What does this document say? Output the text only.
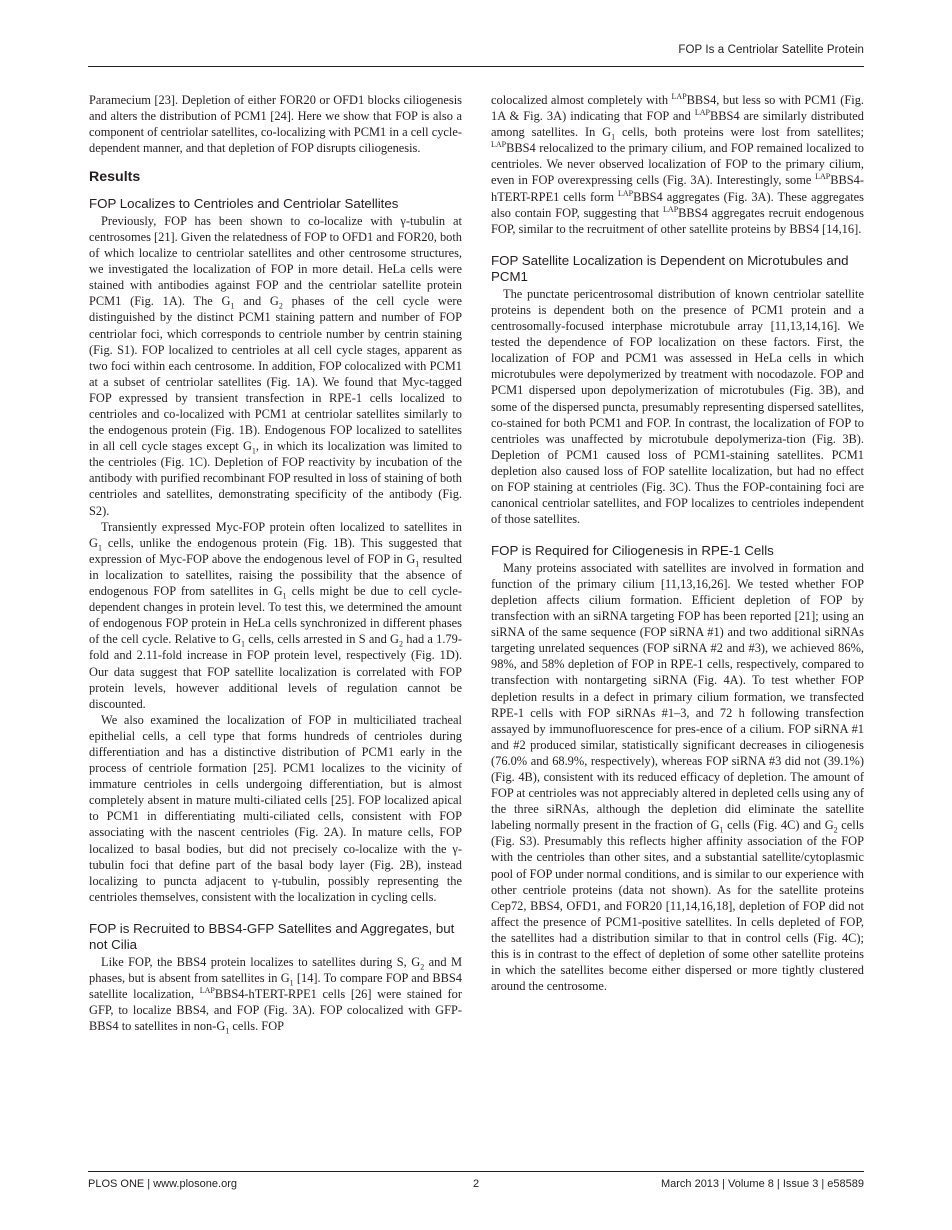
FOP Is a Centriolar Satellite Protein

Paramecium [23]. Depletion of either FOR20 or OFD1 blocks ciliogenesis and alters the distribution of PCM1 [24]. Here we show that FOP is also a component of centriolar satellites, co-localizing with PCM1 in a cell cycle-dependent manner, and that depletion of FOP disrupts ciliogenesis.

Results
FOP Localizes to Centrioles and Centriolar Satellites

Previously, FOP has been shown to co-localize with γ-tubulin at centrosomes [21]. Given the relatedness of FOP to OFD1 and FOR20, both of which localize to centriolar satellites and other centrosome structures, we investigated the localization of FOP in more detail. HeLa cells were stained with antibodies against FOP and the centriolar satellite protein PCM1 (Fig. 1A). The $G_1$ and $G_2$ phases of the cell cycle were distinguished by the distinct PCM1 staining pattern and number of FOP centriolar foci, which corresponds to centriole number by centrin staining (Fig. S1). FOP localized to centrioles at all cell cycle stages, apparent as two foci within each centrosome. In addition, FOP colocalized with PCM1 at a subset of centriolar satellites (Fig. 1A). We found that Myc-tagged FOP expressed by transient transfection in RPE-1 cells localized to centrioles and co-localized with PCM1 at centriolar satellites similarly to the endogenous protein (Fig. 1B). Endogenous FOP localized to satellites in all cell cycle stages except $G_1$, in which its localization was limited to the centrioles (Fig. 1C). Depletion of FOP reactivity by incubation of the antibody with purified recombinant FOP resulted in loss of staining of both centrioles and satellites, demonstrating specificity of the antibody (Fig. S2).

Transiently expressed Myc-FOP protein often localized to satellites in $G_1$ cells, unlike the endogenous protein (Fig. 1B). This suggested that expression of Myc-FOP above the endogenous level of FOP in $G_1$ resulted in localization to satellites, raising the possibility that the absence of endogenous FOP from satellites in $G_1$ cells might be due to cell cycle-dependent changes in protein level. To test this, we determined the amount of endogenous FOP protein in HeLa cells synchronized in different phases of the cell cycle. Relative to $G_1$ cells, cells arrested in S and $G_2$ had a 1.79-fold and 2.11-fold increase in FOP protein level, respectively (Fig. 1D). Our data suggest that FOP satellite localization is correlated with FOP protein levels, however additional levels of regulation cannot be discounted.

We also examined the localization of FOP in multiciliated tracheal epithelial cells, a cell type that forms hundreds of centrioles during differentiation and has a distinctive distribution of PCM1 early in the process of centriole formation [25]. PCM1 localizes to the vicinity of immature centrioles in cells undergoing differentiation, but is almost completely absent in mature multi-ciliated cells [25]. FOP localized apical to PCM1 in differentiating multi-ciliated cells, consistent with FOP associating with the nascent centrioles (Fig. 2A). In mature cells, FOP localized to basal bodies, but did not precisely co-localize with the γ-tubulin foci that define part of the basal body layer (Fig. 2B), instead localizing to puncta adjacent to γ-tubulin, possibly representing the centrioles themselves, consistent with the localization in cycling cells.

FOP is Recruited to BBS4-GFP Satellites and Aggregates, but not Cilia

Like FOP, the BBS4 protein localizes to satellites during S, $G_2$ and M phases, but is absent from satellites in $G_1$ [14]. To compare FOP and BBS4 satellite localization, $^{LAP}$BBS4-hTERT-RPE1 cells [26] were stained for GFP, to localize BBS4, and FOP (Fig. 3A). FOP colocalized with GFP-BBS4 to satellites in non-$G_1$ cells. FOP

colocalized almost completely with $^{LAP}$BBS4, but less so with PCM1 (Fig. 1A & Fig. 3A) indicating that FOP and $^{LAP}$BBS4 are similarly distributed among satellites. In $G_1$ cells, both proteins were lost from satellites; $^{LAP}$BBS4 relocalized to the primary cilium, and FOP remained localized to centrioles. We never observed localization of FOP to the primary cilium, even in FOP overexpressing cells (Fig. 3A). Interestingly, some $^{LAP}$BBS4-hTERT-RPE1 cells form $^{LAP}$BBS4 aggregates (Fig. 3A). These aggregates also contain FOP, suggesting that $^{LAP}$BBS4 aggregates recruit endogenous FOP, similar to the recruitment of other satellite proteins by BBS4 [14,16].

FOP Satellite Localization is Dependent on Microtubules and PCM1

The punctate pericentrosomal distribution of known centriolar satellite proteins is dependent both on the presence of PCM1 protein and a centrosomally-focused interphase microtubule array [11,13,14,16]. We tested the dependence of FOP localization on these factors. First, the localization of FOP and PCM1 was assessed in HeLa cells in which microtubules were depolymerized by treatment with nocodazole. FOP and PCM1 dispersed upon depolymerization of microtubules (Fig. 3B), and some of the dispersed puncta, presumably representing dispersed satellites, co-stained for both PCM1 and FOP. In contrast, the localization of FOP to centrioles was unaffected by microtubule depolymeriza-tion (Fig. 3B). Depletion of PCM1 caused loss of PCM1-staining satellites. PCM1 depletion also caused loss of FOP satellite localization, but had no effect on FOP staining at centrioles (Fig. 3C). Thus the FOP-containing foci are canonical centriolar satellites, and FOP localizes to centrioles independent of those satellites.

FOP is Required for Ciliogenesis in RPE-1 Cells

Many proteins associated with satellites are involved in formation and function of the primary cilium [11,13,16,26]. We tested whether FOP depletion affects cilium formation. Efficient depletion of FOP by transfection with an siRNA targeting FOP has been reported [21]; using an siRNA of the same sequence (FOP siRNA #1) and two additional siRNAs targeting unrelated sequences (FOP siRNA #2 and #3), we achieved 86%, 98%, and 58% depletion of FOP in RPE-1 cells, respectively, compared to transfection with nontargeting siRNA (Fig. 4A). To test whether FOP depletion results in a defect in primary cilium formation, we transfected RPE-1 cells with FOP siRNAs #1–3, and 72 h following transfection assayed by immunofluorescence for pres-ence of a cilium. FOP siRNA #1 and #2 produced similar, statistically significant decreases in ciliogenesis (76.0% and 68.9%, respectively), whereas FOP siRNA #3 did not (39.1%) (Fig. 4B), consistent with its reduced efficacy of depletion. The amount of FOP at centrioles was not appreciably altered in depleted cells using any of the three siRNAs, although the depletion did eliminate the satellite labeling normally present in the fraction of $G_1$ cells (Fig. 4C) and $G_2$ cells (Fig. S3). Presumably this reflects higher affinity association of the FOP with the centrioles than other sites, and a substantial satellite/cytoplasmic pool of FOP under normal conditions, and is similar to our experience with other centriole proteins (data not shown). As for the satellite proteins Cep72, BBS4, OFD1, and FOR20 [11,14,16,18], depletion of FOP did not affect the presence of PCM1-positive satellites. In cells depleted of FOP, the satellites had a distribution similar to that in control cells (Fig. 4C); this is in contrast to the effect of depletion of some other satellite proteins in which the satellites become either dispersed or more tightly clustered around the centrosome.

PLOS ONE | www.plosone.org	2	March 2013 | Volume 8 | Issue 3 | e58589
